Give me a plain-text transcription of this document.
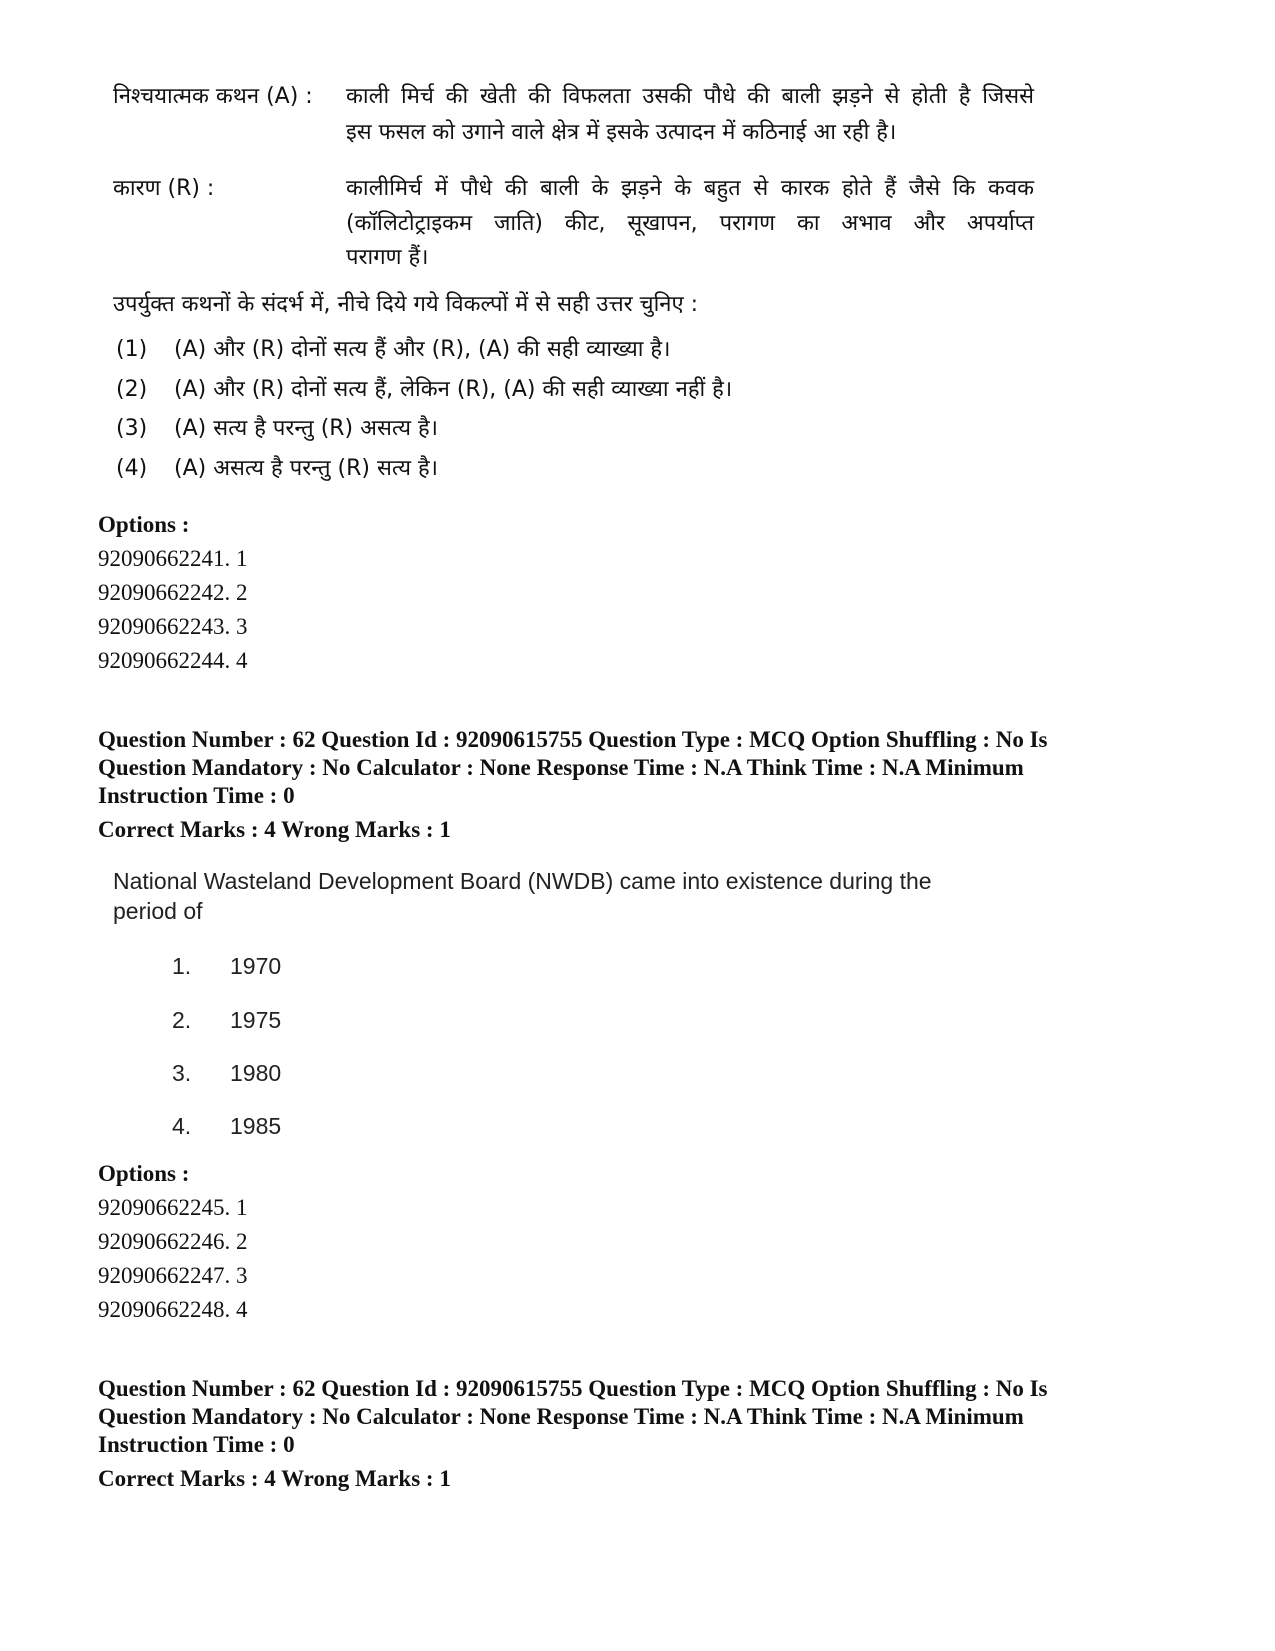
निश्चयात्मक कथन (A) : काली मिर्च की खेती की विफलता उसकी पौधे की बाली झड़ने से होती है जिससे
इस फसल को उगाने वाले क्षेत्र में इसके उत्पादन में कठिनाई आ रही है।
कारण (R) :	कालीमिर्च में पौधे की बाली के झड़ने के बहुत से कारक होते हैं जैसे कि कवक
(कॉलिटोट्राइकम जाति) कीट, सूखापन, परागण का अभाव और अपर्याप्त
परागण हैं।
उपर्युक्त कथनों के संदर्भ में, नीचे दिये गये विकल्पों में से सही उत्तर चुनिए :
(1) (A) और (R) दोनों सत्य हैं और (R), (A) की सही व्याख्या है।
(2) (A) और (R) दोनों सत्य हैं, लेकिन (R), (A) की सही व्याख्या नहीं है।
(3) (A) सत्य है परन्तु (R) असत्य है।
(4) (A) असत्य है परन्तु (R) सत्य है।
Options :
92090662241. 1
92090662242. 2
92090662243. 3
92090662244. 4
Question Number : 62 Question Id : 92090615755 Question Type : MCQ Option Shuffling : No Is
Question Mandatory : No Calculator : None Response Time : N.A Think Time : N.A Minimum
Instruction Time : 0
Correct Marks : 4 Wrong Marks : 1
National Wasteland Development Board (NWDB) came into existence during the
period of
1. 1970
2. 1975
3. 1980
4. 1985
Options :
92090662245. 1
92090662246. 2
92090662247. 3
92090662248. 4
Question Number : 62 Question Id : 92090615755 Question Type : MCQ Option Shuffling : No Is
Question Mandatory : No Calculator : None Response Time : N.A Think Time : N.A Minimum
Instruction Time : 0
Correct Marks : 4 Wrong Marks : 1
